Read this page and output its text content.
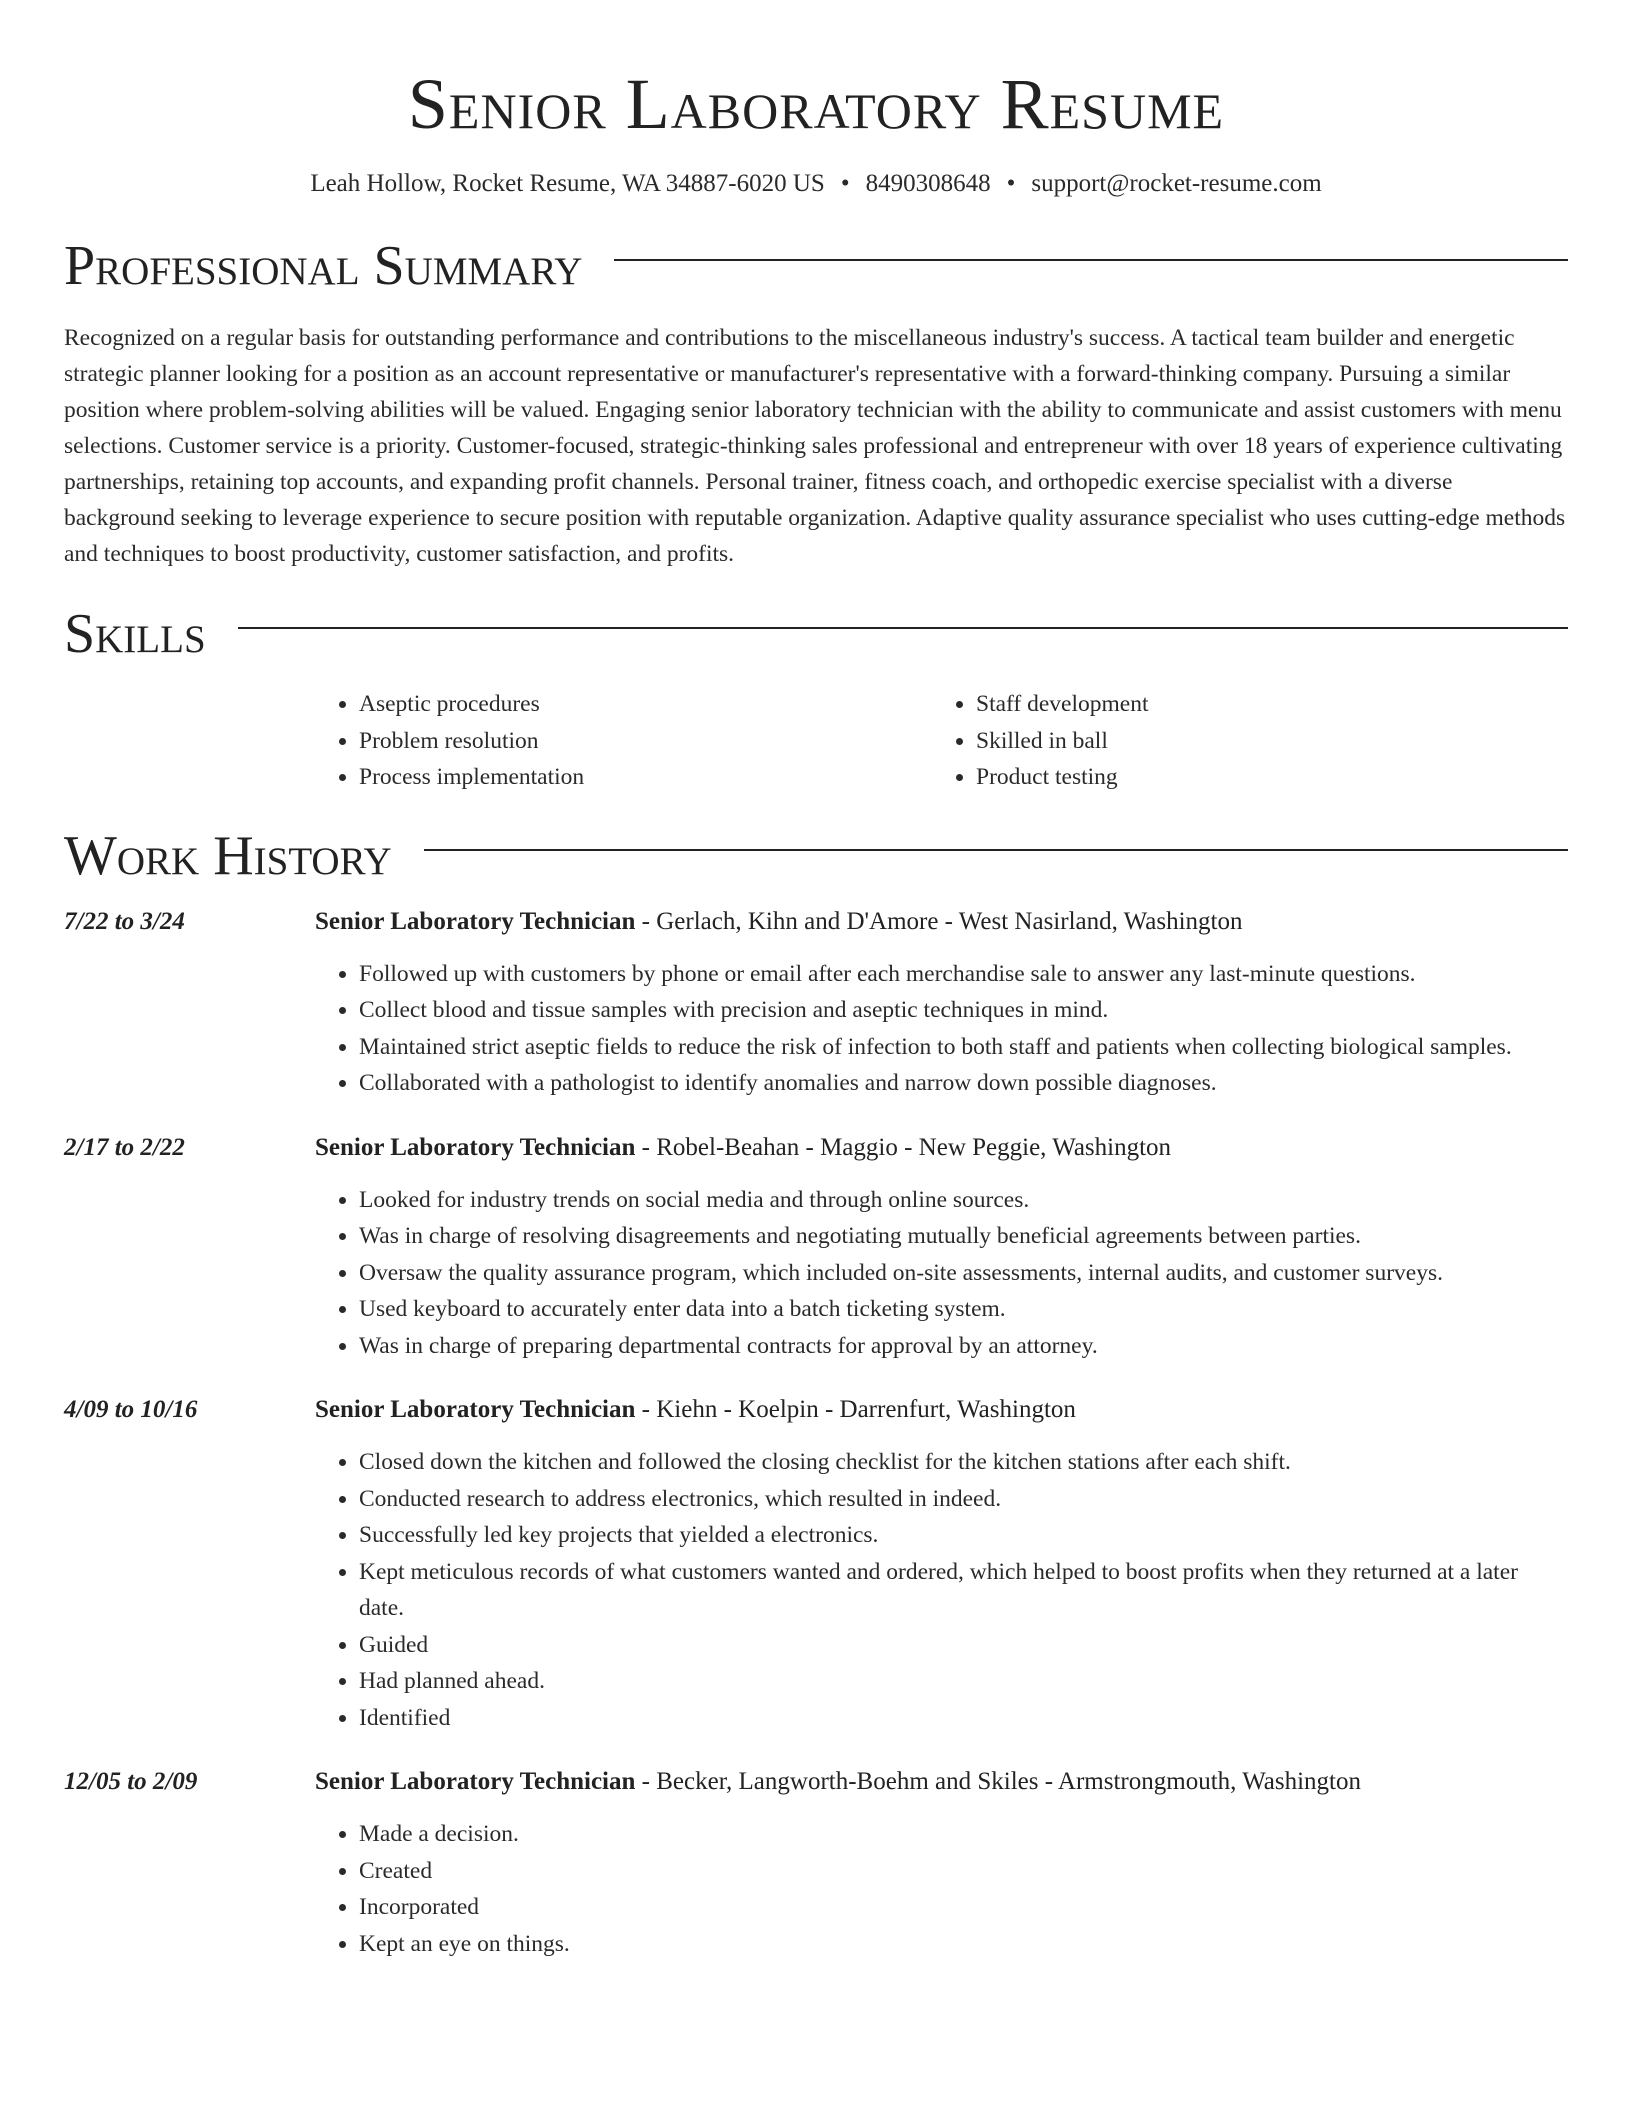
Senior Laboratory Resume
Leah Hollow, Rocket Resume, WA 34887-6020 US • 8490308648 • support@rocket-resume.com
Professional Summary

Recognized on a regular basis for outstanding performance and contributions to the miscellaneous industry's success. A tactical team builder and energetic strategic planner looking for a position as an account representative or manufacturer's representative with a forward-thinking company. Pursuing a similar position where problem-solving abilities will be valued. Engaging senior laboratory technician with the ability to communicate and assist customers with menu selections. Customer service is a priority. Customer-focused, strategic-thinking sales professional and entrepreneur with over 18 years of experience cultivating partnerships, retaining top accounts, and expanding profit channels. Personal trainer, fitness coach, and orthopedic exercise specialist with a diverse background seeking to leverage experience to secure position with reputable organization. Adaptive quality assurance specialist who uses cutting-edge methods and techniques to boost productivity, customer satisfaction, and profits.

Skills
• Aseptic procedures
• Problem resolution
• Process implementation
• Staff development
• Skilled in ball
• Product testing
Work History
7/22 to 3/24	Senior Laboratory Technician - Gerlach, Kihn and D'Amore - West Nasirland, Washington
• Followed up with customers by phone or email after each merchandise sale to answer any last-minute questions.
• Collect blood and tissue samples with precision and aseptic techniques in mind.
• Maintained strict aseptic fields to reduce the risk of infection to both staff and patients when collecting biological samples.
• Collaborated with a pathologist to identify anomalies and narrow down possible diagnoses.
2/17 to 2/22	Senior Laboratory Technician - Robel-Beahan - Maggio - New Peggie, Washington
• Looked for industry trends on social media and through online sources.
• Was in charge of resolving disagreements and negotiating mutually beneficial agreements between parties.
• Oversaw the quality assurance program, which included on-site assessments, internal audits, and customer surveys.
• Used keyboard to accurately enter data into a batch ticketing system.
• Was in charge of preparing departmental contracts for approval by an attorney.
4/09 to 10/16	Senior Laboratory Technician - Kiehn - Koelpin - Darrenfurt, Washington
• Closed down the kitchen and followed the closing checklist for the kitchen stations after each shift.
• Conducted research to address electronics, which resulted in indeed.
• Successfully led key projects that yielded a electronics.
• Kept meticulous records of what customers wanted and ordered, which helped to boost profits when they returned at a later date.
• Guided
• Had planned ahead.
• Identified
12/05 to 2/09	Senior Laboratory Technician - Becker, Langworth-Boehm and Skiles - Armstrongmouth, Washington
• Made a decision.
• Created
• Incorporated
• Kept an eye on things.
